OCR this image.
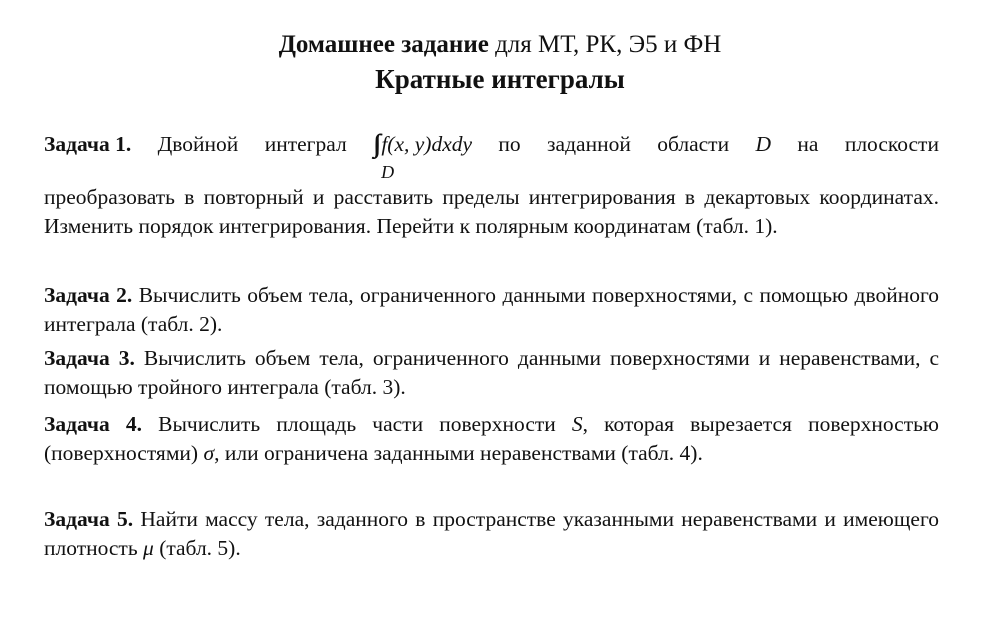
Домашнее задание для МТ, РК, Э5 и ФН
Кратные интегралы
Задача 1. Двойной интеграл ∫∫ f(x, y)dxdy
D
по заданной области D на плоскости
преобразовать в повторный и расставить пределы интегрирования в декартовых координатах. Изменить порядок интегрирования. Перейти к полярным координатам (табл. 1).
Задача 2. Вычислить объем тела, ограниченного данными поверхностями, с помощью двойного интеграла (табл. 2).
Задача 3. Вычислить объем тела, ограниченного данными поверхностями и неравенствами, с помощью тройного интеграла (табл. 3).
Задача 4. Вычислить площадь части поверхности S, которая вырезается поверхностью (поверхностями) σ, или ограничена заданными неравенствами (табл. 4).
Задача 5. Найти массу тела, заданного в пространстве указанными неравенствами и имеющего плотность μ (табл. 5).
